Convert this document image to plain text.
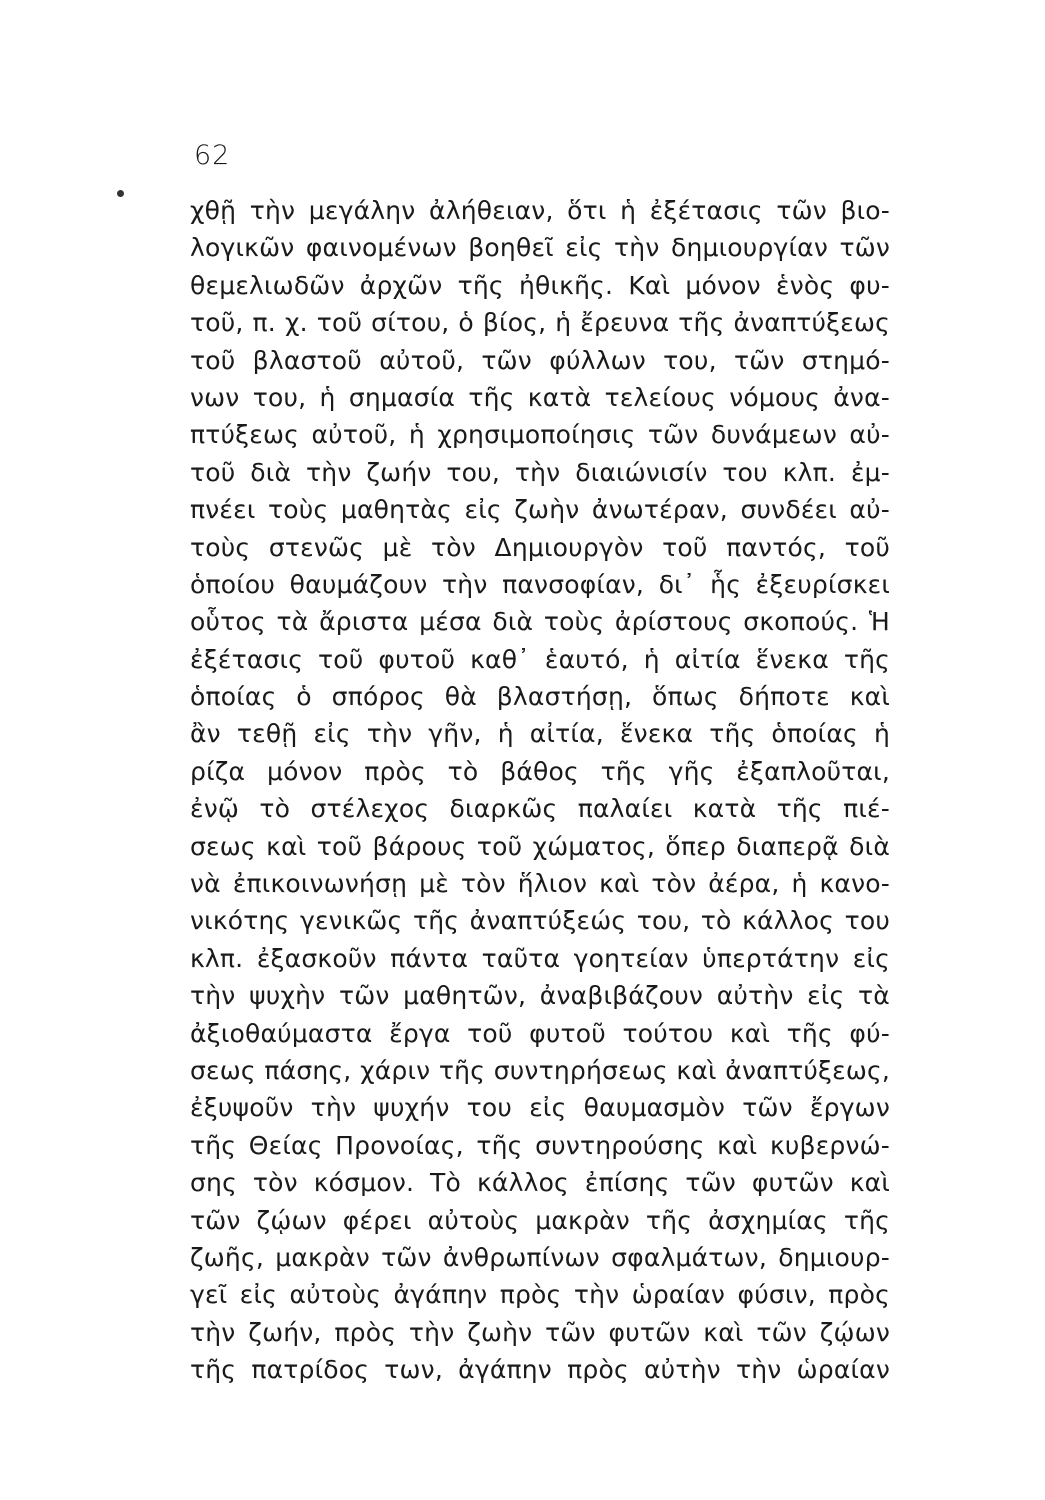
62
χθῇ τὴν μεγάλην ἀλήθειαν, ὅτι ἡ ἐξέτασις τῶν βιο-
λογικῶν φαινομένων βοηθεῖ εἰς τὴν δημιουργίαν τῶν
θεμελιωδῶν ἀρχῶν τῆς ἠθικῆς. Καὶ μόνον ἑνὸς φυ-
τοῦ, π. χ. τοῦ σίτου, ὁ βίος, ἡ ἔρευνα τῆς ἀναπτύξεως
τοῦ βλαστοῦ αὐτοῦ, τῶν φύλλων του, τῶν στημό-
νων του, ἡ σημασία τῆς κατὰ τελείους νόμους ἀνα-
πτύξεως αὐτοῦ, ἡ χρησιμοποίησις τῶν δυνάμεων αὐ-
τοῦ διὰ τὴν ζωήν του, τὴν διαιώνισίν του κλπ. ἐμ-
πνέει τοὺς μαθητὰς εἰς ζωὴν ἀνωτέραν, συνδέει αὐ-
τοὺς στενῶς μὲ τὸν Δημιουργὸν τοῦ παντός, τοῦ
ὁποίου θαυμάζουν τὴν πανσοφίαν, δι᾽ ἧς ἐξευρίσκει
οὗτος τὰ ἄριστα μέσα διὰ τοὺς ἀρίστους σκοπούς. Ἡ
ἐξέτασις τοῦ φυτοῦ καθ᾽ ἑαυτό, ἡ αἰτία ἕνεκα τῆς
ὁποίας ὁ σπόρος θὰ βλαστήσῃ, ὅπως δήποτε καὶ
ἂν τεθῇ εἰς τὴν γῆν, ἡ αἰτία, ἕνεκα τῆς ὁποίας ἡ
ρίζα μόνον πρὸς τὸ βάθος τῆς γῆς ἐξαπλοῦται,
ἐνῷ τὸ στέλεχος διαρκῶς παλαίει κατὰ τῆς πιέ-
σεως καὶ τοῦ βάρους τοῦ χώματος, ὅπερ διαπερᾷ διὰ
νὰ ἐπικοινωνήσῃ μὲ τὸν ἥλιον καὶ τὸν ἀέρα, ἡ κανο-
νικότης γενικῶς τῆς ἀναπτύξεώς του, τὸ κάλλος του
κλπ. ἐξασκοῦν πάντα ταῦτα γοητείαν ὑπερτάτην εἰς
τὴν ψυχὴν τῶν μαθητῶν, ἀναβιβάζουν αὐτὴν εἰς τὰ
ἀξιοθαύμαστα ἔργα τοῦ φυτοῦ τούτου καὶ τῆς φύ-
σεως πάσης, χάριν τῆς συντηρήσεως καὶ ἀναπτύξεως,
ἐξυψοῦν τὴν ψυχήν του εἰς θαυμασμὸν τῶν ἔργων
τῆς Θείας Προνοίας, τῆς συντηρούσης καὶ κυβερνώ-
σης τὸν κόσμον. Τὸ κάλλος ἐπίσης τῶν φυτῶν καὶ
τῶν ζῴων φέρει αὐτοὺς μακρὰν τῆς ἀσχημίας τῆς
ζωῆς, μακρὰν τῶν ἀνθρωπίνων σφαλμάτων, δημιουρ-
γεῖ εἰς αὐτοὺς ἀγάπην πρὸς τὴν ὡραίαν φύσιν, πρὸς
τὴν ζωήν, πρὸς τὴν ζωὴν τῶν φυτῶν καὶ τῶν ζῴων
τῆς πατρίδος των, ἀγάπην πρὸς αὐτὴν τὴν ὡραίαν
